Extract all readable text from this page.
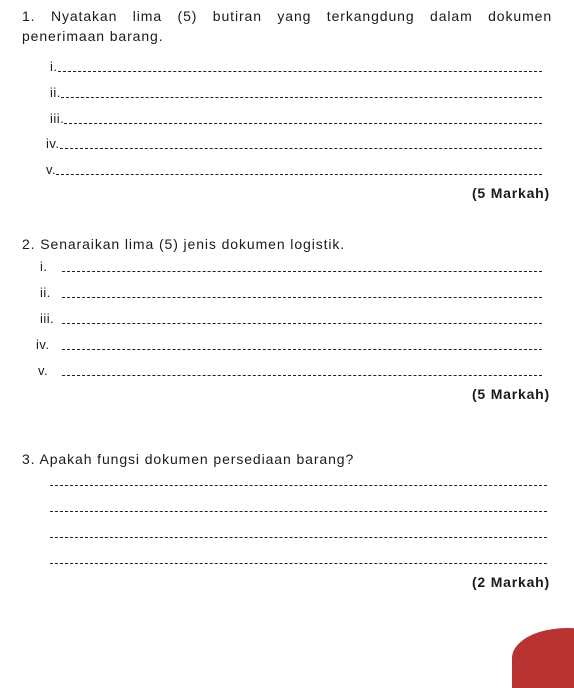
1. Nyatakan lima (5) butiran yang terkangdung dalam dokumen penerimaan barang.
i.
ii.
iii.
iv.
v.
(5 Markah)
2. Senaraikan lima (5) jenis dokumen logistik.
i.
ii.
iii.
iv.
v.
(5 Markah)
3. Apakah fungsi dokumen persediaan barang?
(2 Markah)
